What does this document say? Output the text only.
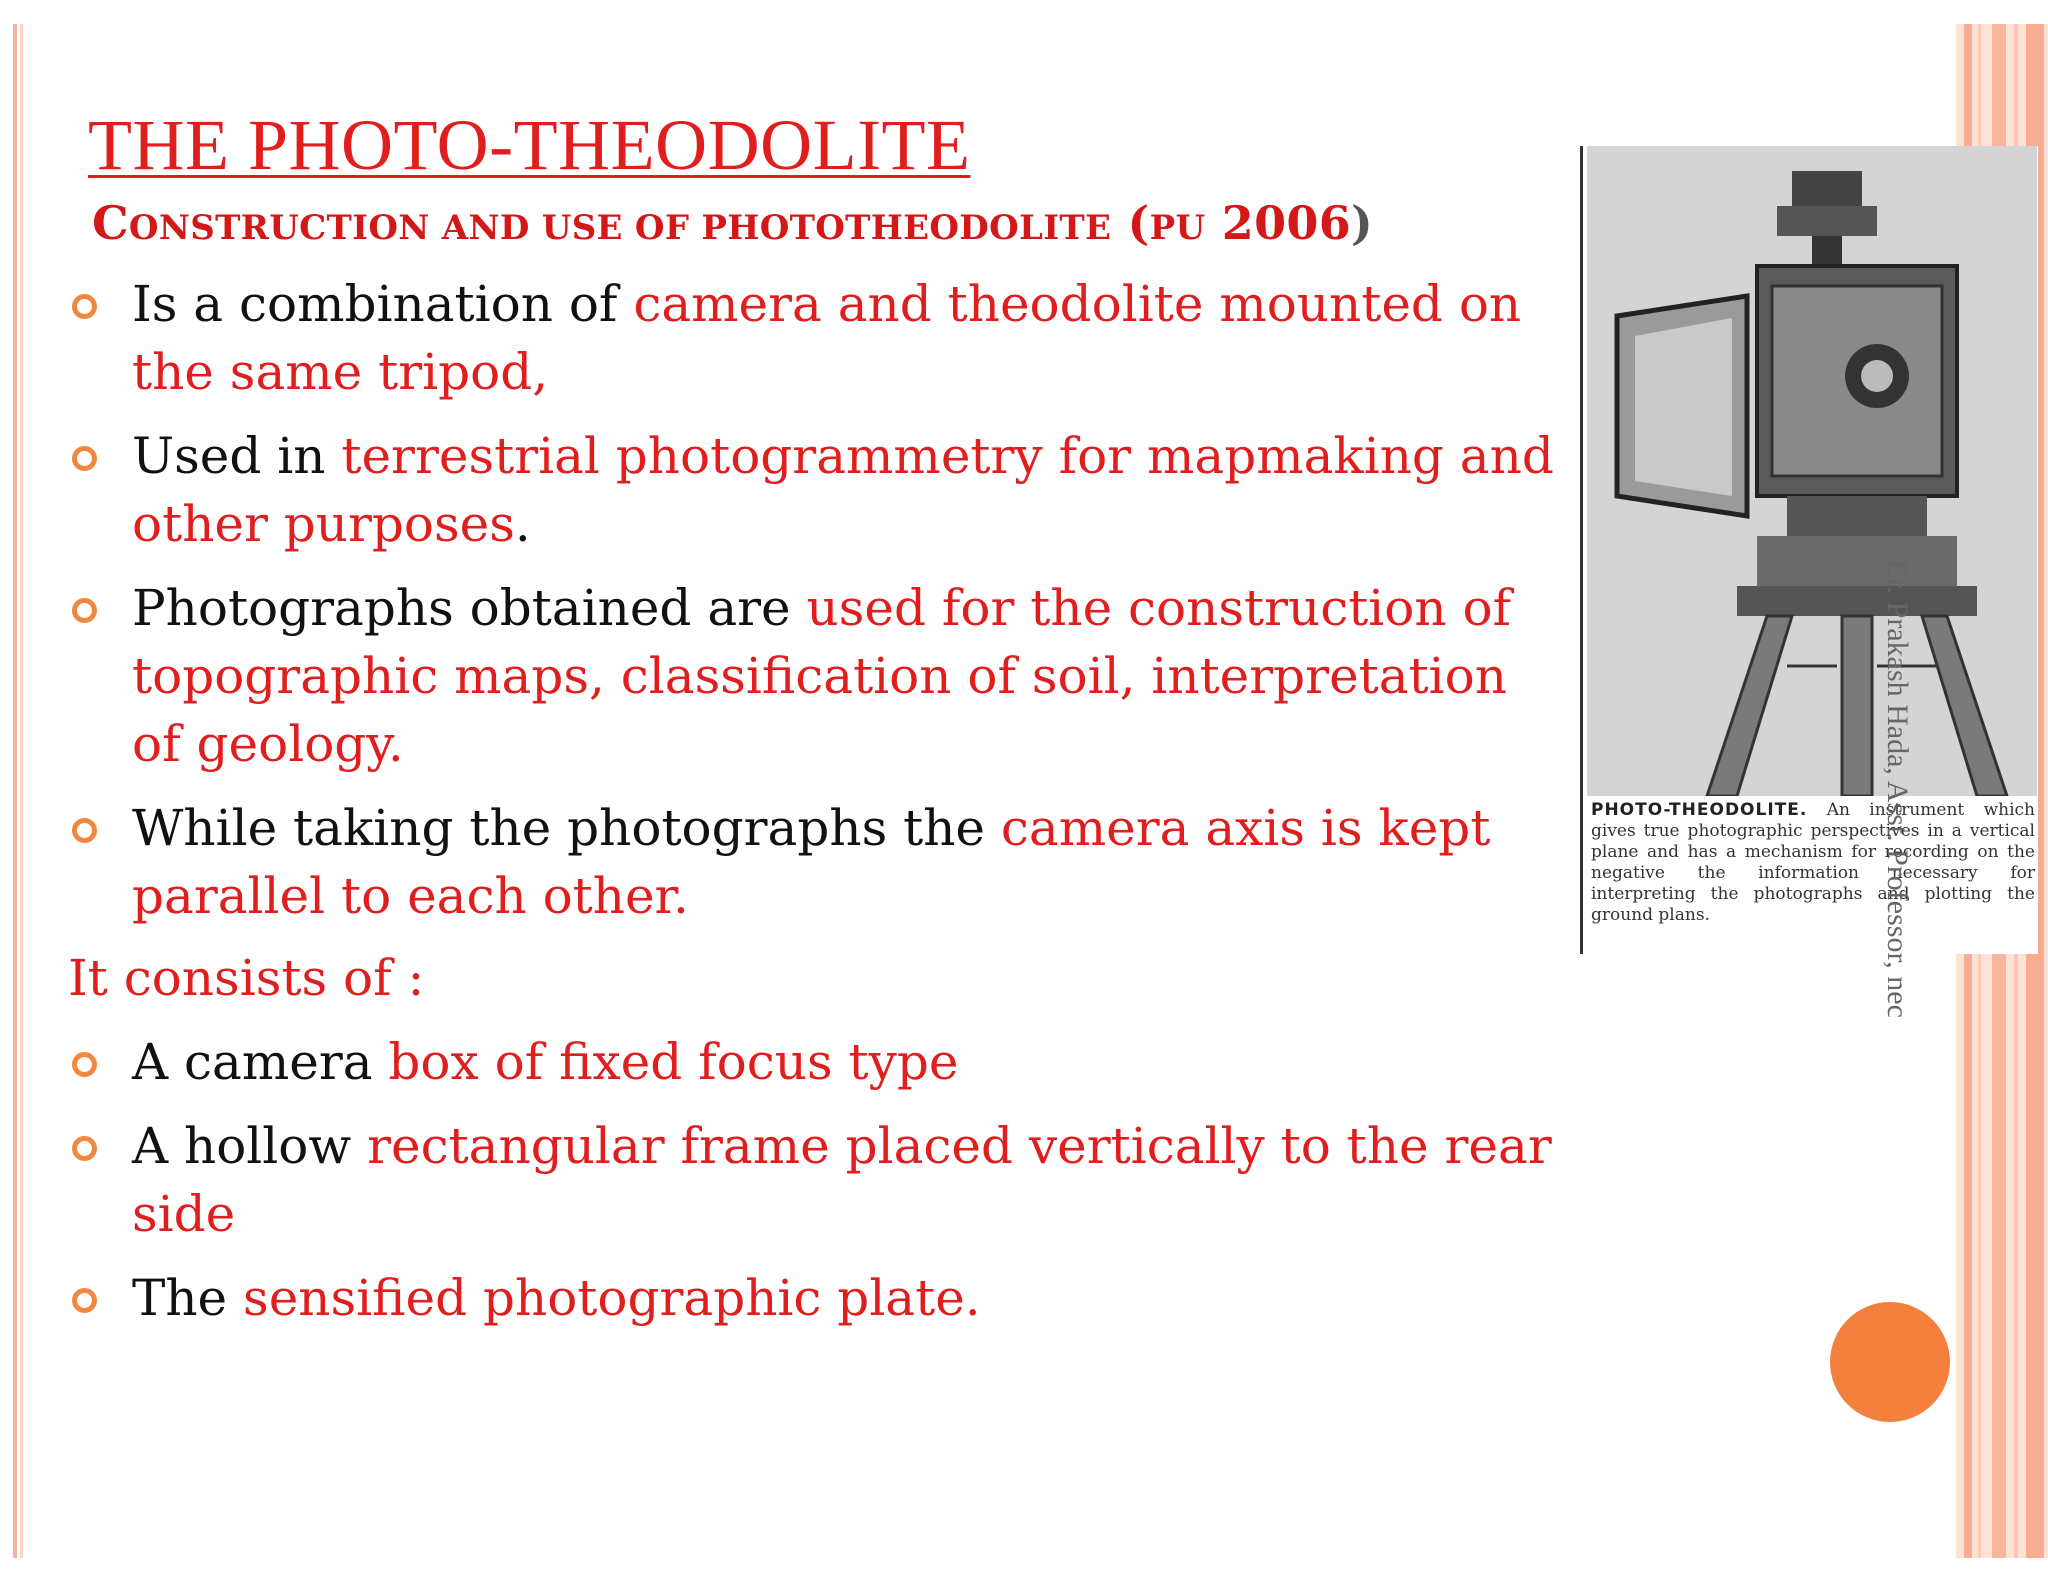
THE PHOTO-THEODOLITE
CONSTRUCTION AND USE OF PHOTOTHEODOLITE (PU 2006)
Is a combination of camera and theodolite mounted on the same tripod,
Used in terrestrial photogrammetry for mapmaking and other purposes.
Photographs obtained are used for the construction of topographic maps, classification of soil, interpretation of geology.
While taking the photographs the camera axis is kept parallel to each other.
It consists of :
A camera box of fixed focus type
A hollow rectangular frame placed vertically to the rear side
The sensified photographic plate.
PHOTO-THEODOLITE. An instrument which gives true photographic perspectives in a vertical plane and has a mechanism for recording on the negative the information necessary for interpreting the photographs and plotting the ground plans.	Er. Prakash Hada, Asst. Professor, nec
